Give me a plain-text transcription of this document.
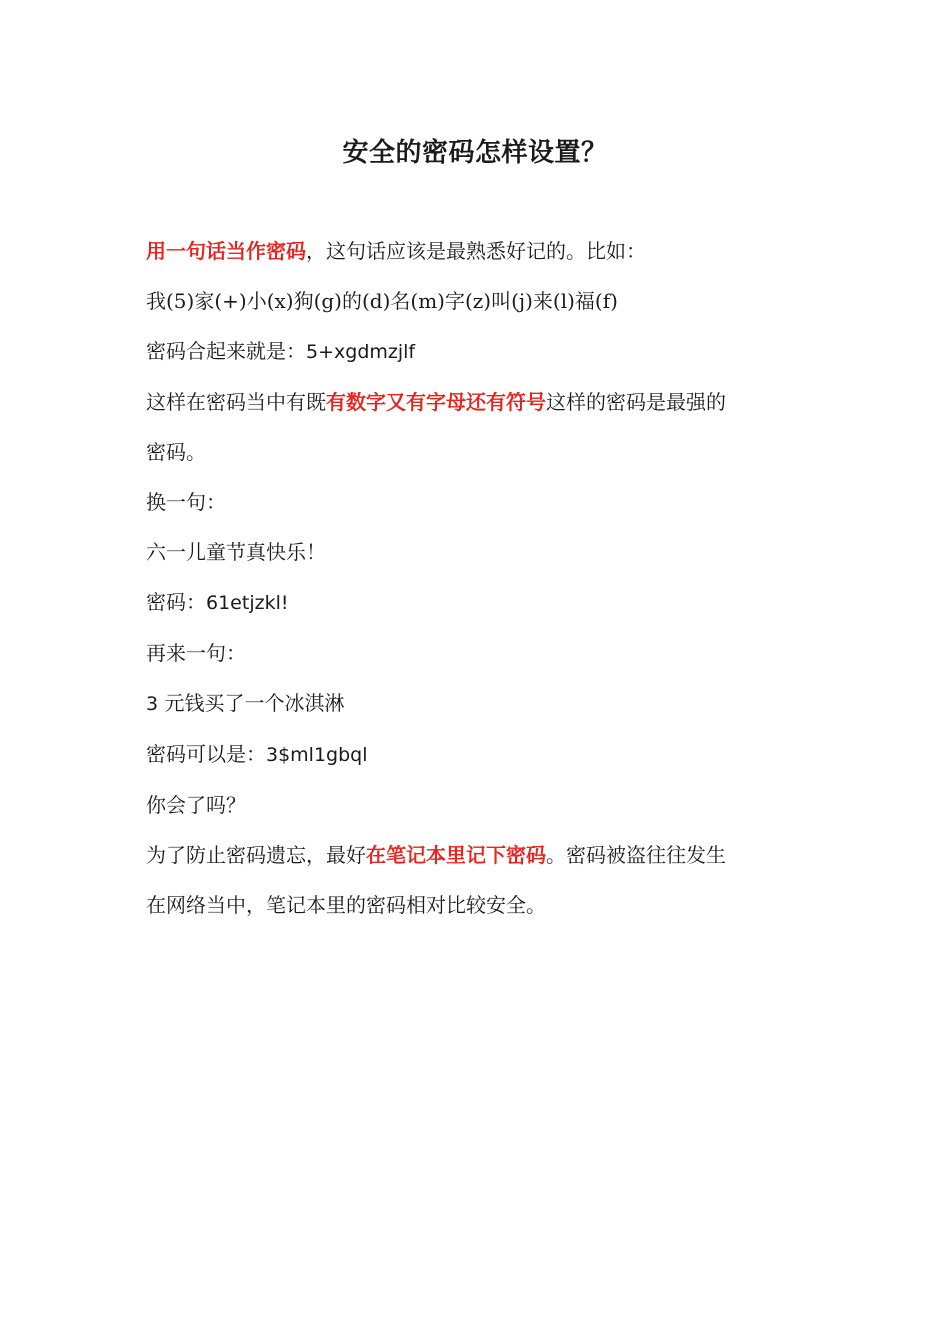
安全的密码怎样设置？

用一句话当作密码，这句话应该是最熟悉好记的。比如：

我(5)家(+)小(x)狗(g)的(d)名(m)字(z)叫(j)来(l)福(f)

密码合起来就是：5+xgdmzjlf

这样在密码当中有既有数字又有字母还有符号这样的密码是最强的

密码。

换一句：

六一儿童节真快乐！

密码：61etjzkl!

再来一句：

3 元钱买了一个冰淇淋

密码可以是：3$ml1gbql

你会了吗？

为了防止密码遗忘，最好在笔记本里记下密码。密码被盗往往发生

在网络当中，笔记本里的密码相对比较安全。
